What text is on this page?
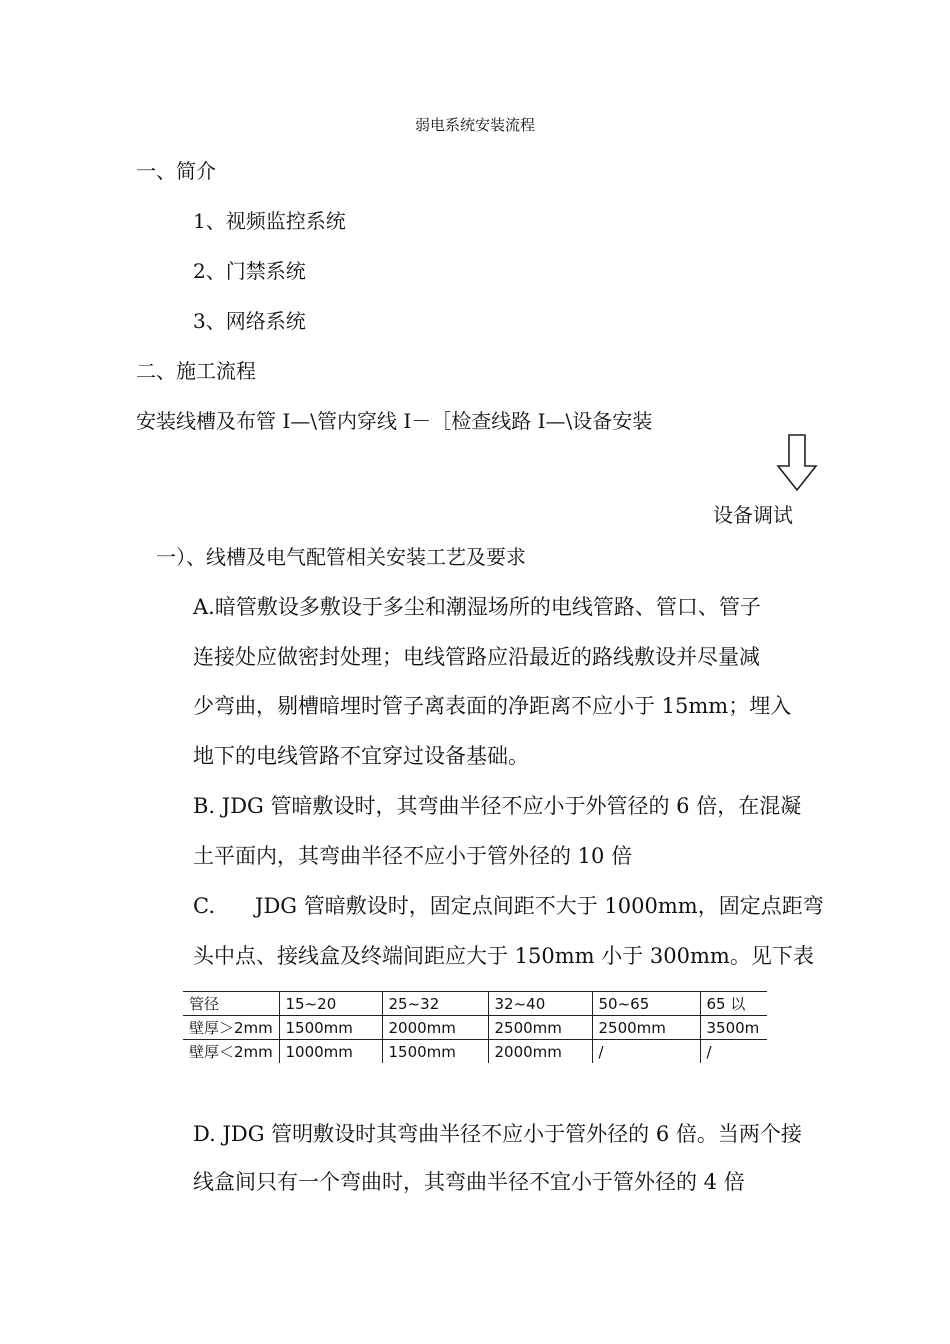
弱电系统安装流程
一、简介
1、视频监控系统
2、门禁系统
3、网络系统
二、施工流程
安装线槽及布管 I—\管内穿线 I－［检查线路 I—\设备安装
设备调试
一）、线槽及电气配管相关安装工艺及要求
A.暗管敷设多敷设于多尘和潮湿场所的电线管路、管口、管子
连接处应做密封处理；电线管路应沿最近的路线敷设并尽量减
少弯曲，剔槽暗埋时管子离表面的净距离不应小于 15mm；埋入
地下的电线管路不宜穿过设备基础。
B. JDG 管暗敷设时，其弯曲半径不应小于外管径的 6 倍，在混凝
土平面内，其弯曲半径不应小于管外径的 10 倍
C.      JDG 管暗敷设时，固定点间距不大于 1000mm，固定点距弯
头中点、接线盒及终端间距应大于 150mm 小于 300mm。见下表
管径	15~20	25~32	32~40	50~65	65 以
壁厚＞2mm	1500mm	2000mm	2500mm	2500mm	3500m
壁厚＜2mm	1000mm	1500mm	2000mm	/	/
D. JDG 管明敷设时其弯曲半径不应小于管外径的 6 倍。当两个接
线盒间只有一个弯曲时，其弯曲半径不宜小于管外径的 4 倍
